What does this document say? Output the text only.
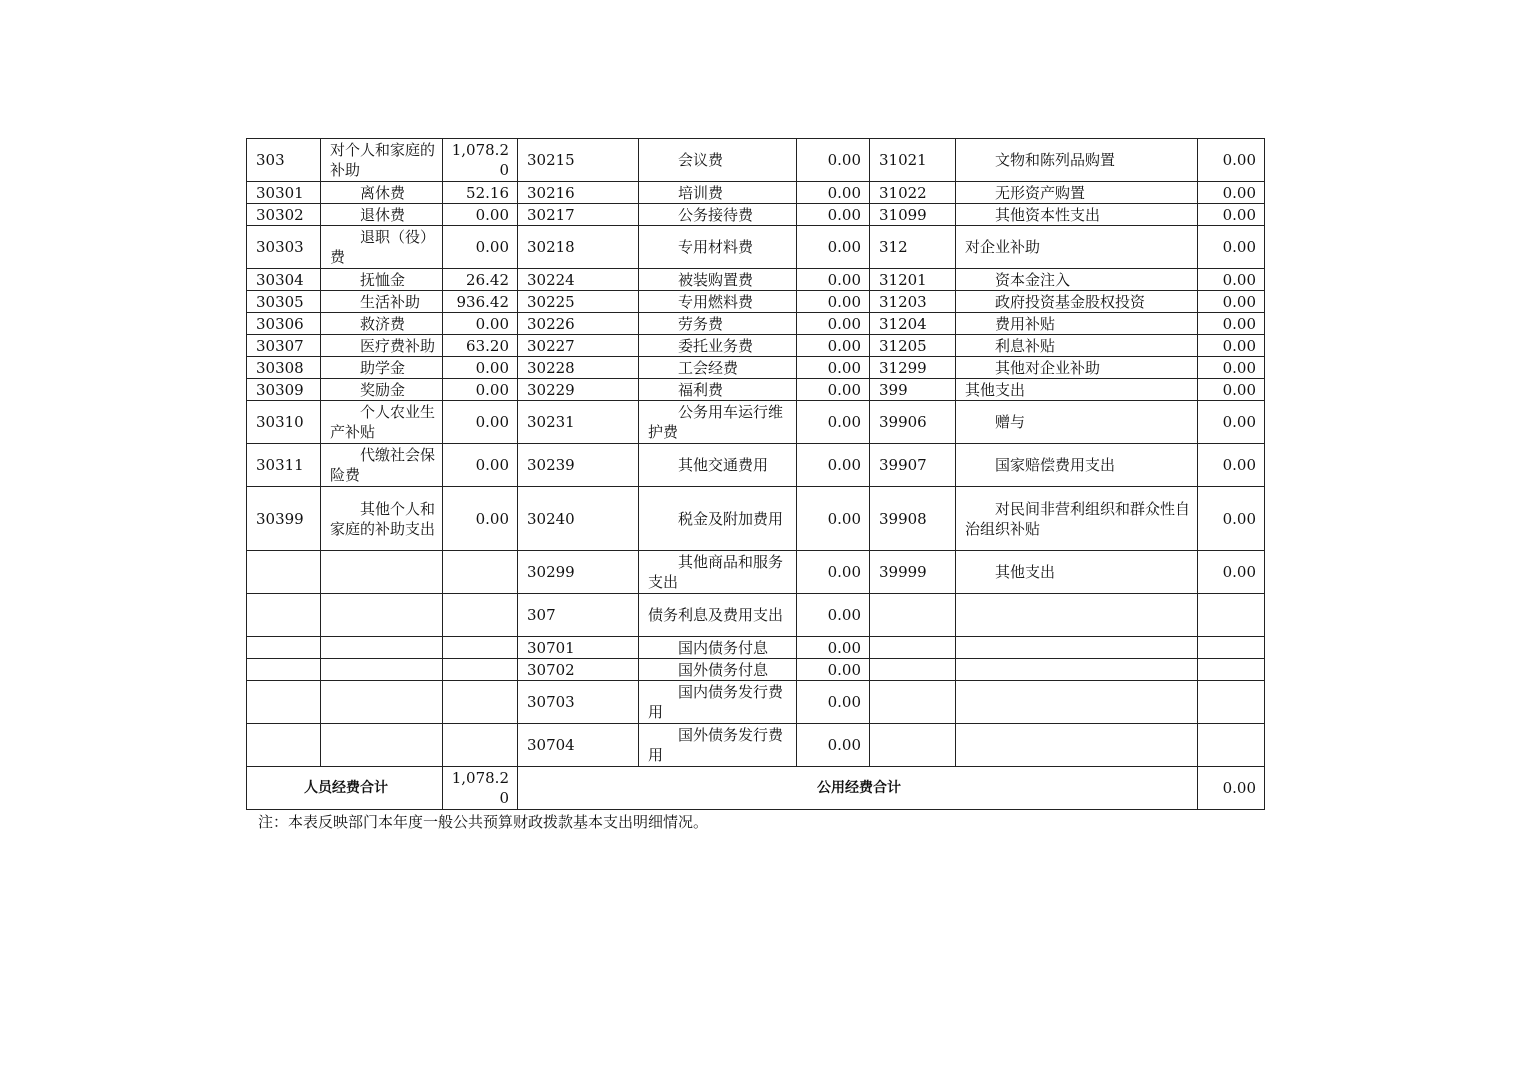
303	对个人和家庭的补助	1,078.20	30215	　　会议费	0.00	31021	　　文物和陈列品购置	0.00
30301	　　离休费	52.16	30216	　　培训费	0.00	31022	　　无形资产购置	0.00
30302	　　退休费	0.00	30217	　　公务接待费	0.00	31099	　　其他资本性支出	0.00
30303	　　退职（役）费	0.00	30218	　　专用材料费	0.00	312	对企业补助	0.00
30304	　　抚恤金	26.42	30224	　　被装购置费	0.00	31201	　　资本金注入	0.00
30305	　　生活补助	936.42	30225	　　专用燃料费	0.00	31203	　　政府投资基金股权投资	0.00
30306	　　救济费	0.00	30226	　　劳务费	0.00	31204	　　费用补贴	0.00
30307	　　医疗费补助	63.20	30227	　　委托业务费	0.00	31205	　　利息补贴	0.00
30308	　　助学金	0.00	30228	　　工会经费	0.00	31299	　　其他对企业补助	0.00
30309	　　奖励金	0.00	30229	　　福利费	0.00	399	其他支出	0.00
30310	　　个人农业生产补贴	0.00	30231	　　公务用车运行维护费	0.00	39906	　　赠与	0.00
30311	　　代缴社会保险费	0.00	30239	　　其他交通费用	0.00	39907	　　国家赔偿费用支出	0.00
30399	　　其他个人和家庭的补助支出	0.00	30240	　　税金及附加费用	0.00	39908	　　对民间非营利组织和群众性自治组织补贴	0.00
			30299	　　其他商品和服务支出	0.00	39999	　　其他支出	0.00
			307	债务利息及费用支出	0.00			
			30701	　　国内债务付息	0.00			
			30702	　　国外债务付息	0.00			
			30703	　　国内债务发行费用	0.00			
			30704	　　国外债务发行费用	0.00			
人员经费合计		1,078.20	公用经费合计					0.00
注：本表反映部门本年度一般公共预算财政拨款基本支出明细情况。
